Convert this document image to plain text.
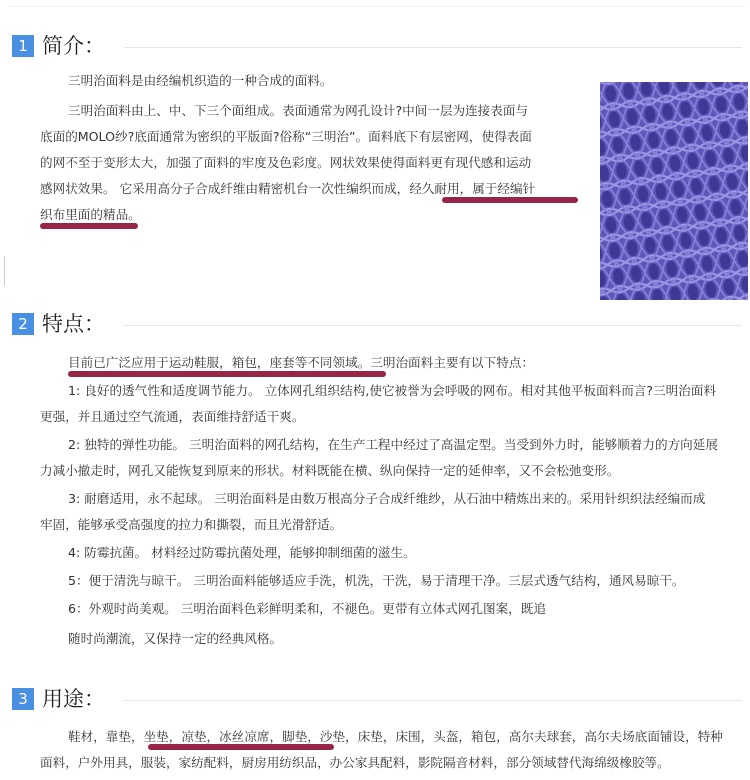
1 简介：

三明治面料是由经编机织造的一种合成的面料。

三明治面料由上、中、下三个面组成。表面通常为网孔设计?中间一层为连接表面与
底面的MOLO纱?底面通常为密织的平版面?俗称“三明治”。面料底下有层密网，使得表面
的网不至于变形太大，加强了面料的牢度及色彩度。网状效果使得面料更有现代感和运动
感网状效果。 它采用高分子合成纤维由精密机台一次性编织而成，经久耐用，属于经编针
织布里面的精品。
2 特点：
目前已广泛应用于运动鞋服，箱包，座套等不同领域。三明治面料主要有以下特点：
1: 良好的透气性和适度调节能力。 立体网孔组织结构,使它被誉为会呼吸的网布。相对其他平板面料而言?三明治面料
更强，并且通过空气流通，表面维持舒适干爽。
2: 独特的弹性功能。 三明治面料的网孔结构，在生产工程中经过了高温定型。当受到外力时，能够顺着力的方向延展
力减小撤走时，网孔又能恢复到原来的形状。材料既能在横、纵向保持一定的延伸率，又不会松弛变形。
3: 耐磨适用，永不起球。 三明治面料是由数万根高分子合成纤维纱，从石油中精炼出来的。采用针织织法经编而成
牢固，能够承受高强度的拉力和撕裂，而且光滑舒适。
4: 防霉抗菌。 材料经过防霉抗菌处理，能够抑制细菌的滋生。
5：便于清洗与晾干。 三明治面料能够适应手洗，机洗，干洗，易于清理干净。三层式透气结构，通风易晾干。
6：外观时尚美观。 三明治面料色彩鲜明柔和，不褪色。更带有立体式网孔图案，既追
随时尚潮流，又保持一定的经典风格。
3 用途：
鞋材，靠垫，坐垫，凉垫，冰丝凉席，脚垫，沙垫，床垫，床围，头盔，箱包，高尔夫球套，高尔夫场底面铺设，特种
面料，户外用具，服装，家纺配料，厨房用纺织品，办公家具配料，影院隔音材料，部分领域替代海绵级橡胶等。
